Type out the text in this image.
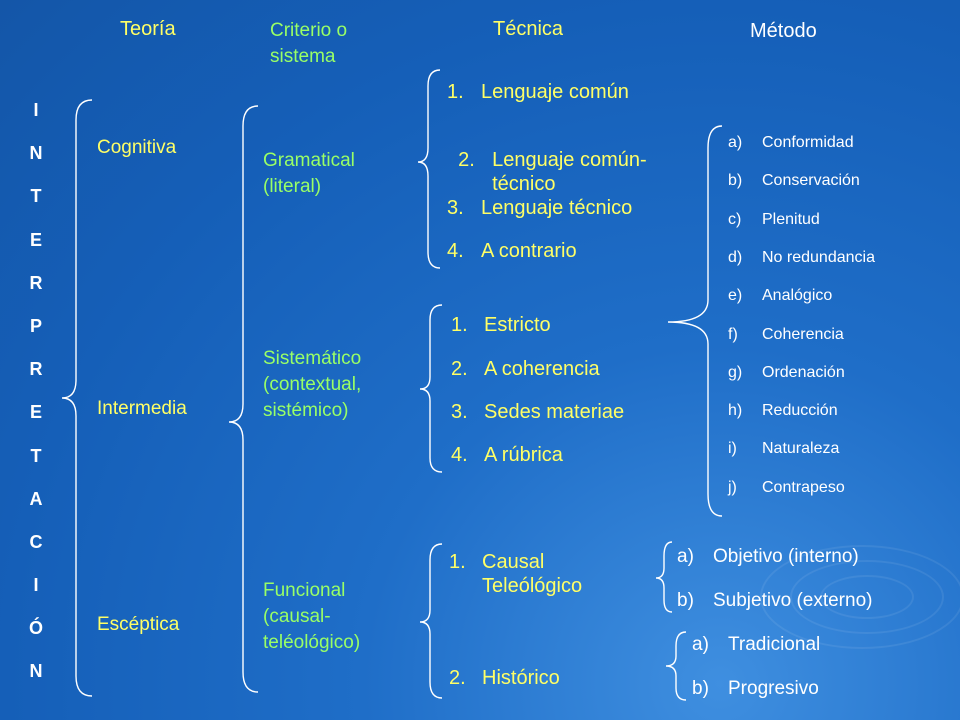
Teoría	Criterio o
sistema
Técnica	Método
I
N
T
E
R
P
R
E
T
A
C
I
Ó
N
Cognitiva
Intermedia
Escéptica
Gramatical
(literal)
Sistemático
(contextual,
sistémico)
Funcional
(causal-
teléológico)
1. Lenguaje común

2. Lenguaje común-
técnico

3. Lenguaje técnico
4. A contrario
1. Estricto
2. A coherencia
3. Sedes materiae
4. A rúbrica
1. Causal
Teleólógico
2. Histórico
a) Conformidad
b) Conservación
c) Plenitud
d) No redundancia
e) Analógico
f) Coherencia
g) Ordenación
h) Reducción
i) Naturaleza
j) Contrapeso
a) Objetivo (interno)
b) Subjetivo (externo)
a) Tradicional
b) Progresivo
